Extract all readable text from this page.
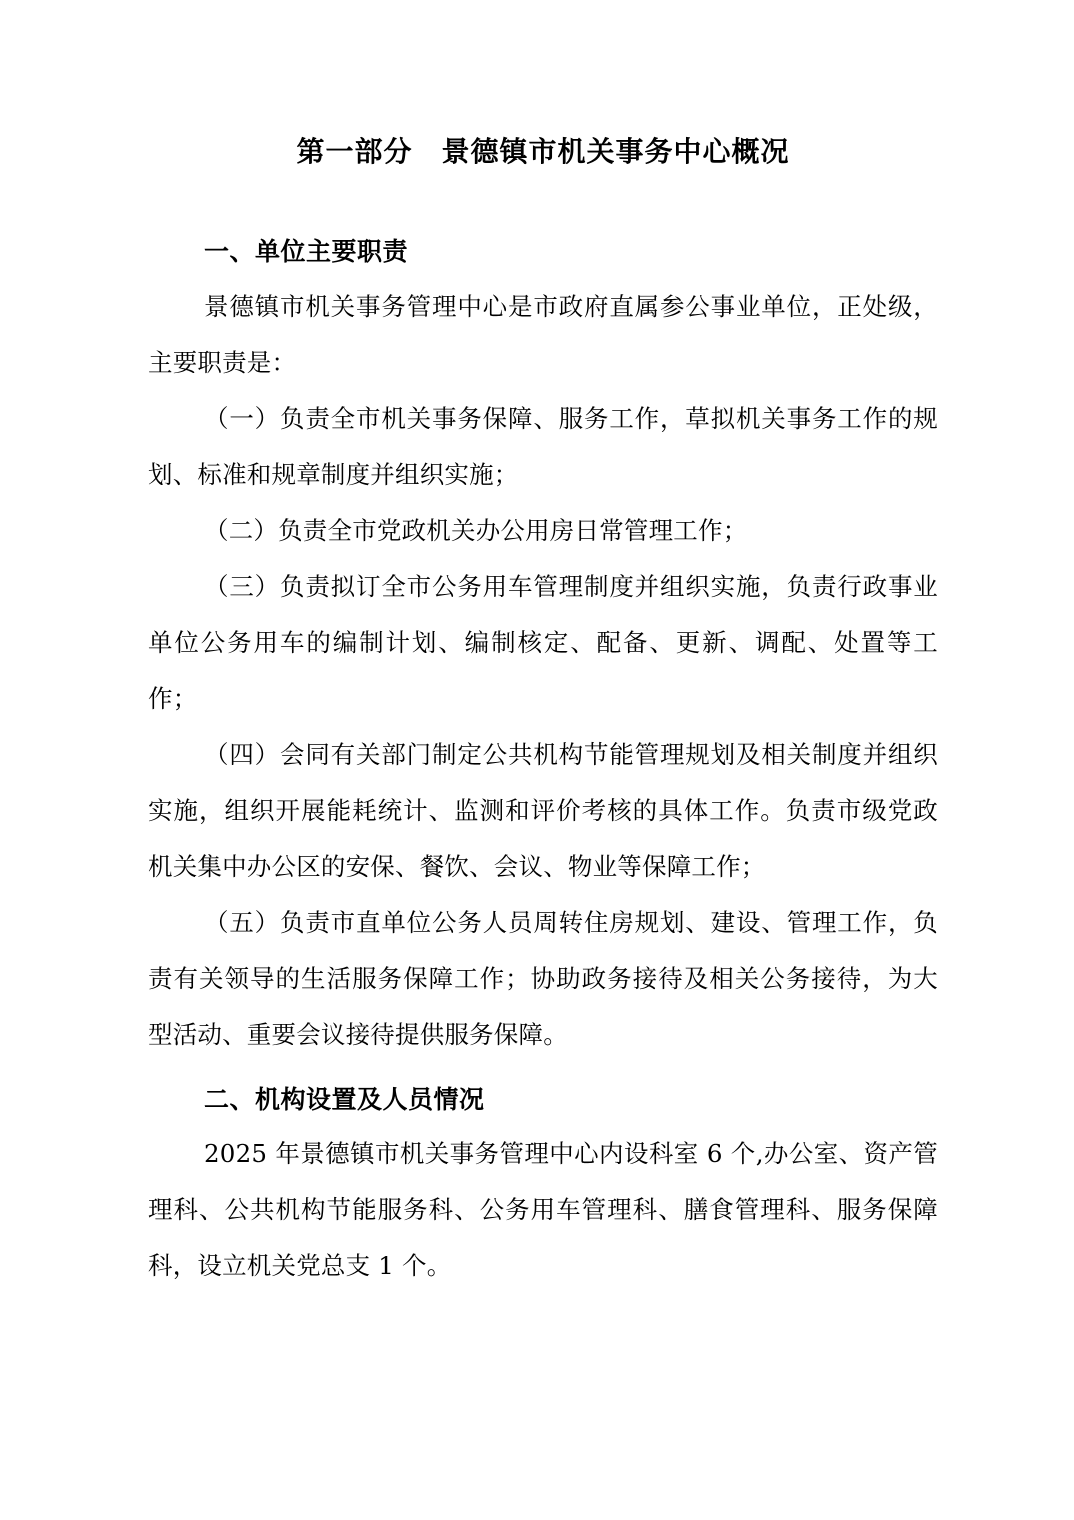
第一部分　景德镇市机关事务中心概况
一、单位主要职责

景德镇市机关事务管理中心是市政府直属参公事业单位，正处级，主要职责是：

（一）负责全市机关事务保障、服务工作，草拟机关事务工作的规划、标准和规章制度并组织实施；

（二）负责全市党政机关办公用房日常管理工作；

（三）负责拟订全市公务用车管理制度并组织实施，负责行政事业单位公务用车的编制计划、编制核定、配备、更新、调配、处置等工作；

（四）会同有关部门制定公共机构节能管理规划及相关制度并组织实施，组织开展能耗统计、监测和评价考核的具体工作。负责市级党政机关集中办公区的安保、餐饮、会议、物业等保障工作；

（五）负责市直单位公务人员周转住房规划、建设、管理工作，负责有关领导的生活服务保障工作；协助政务接待及相关公务接待，为大型活动、重要会议接待提供服务保障。

二、机构设置及人员情况

2025 年景德镇市机关事务管理中心内设科室 6 个,办公室、资产管理科、公共机构节能服务科、公务用车管理科、膳食管理科、服务保障科，设立机关党总支 1 个。
